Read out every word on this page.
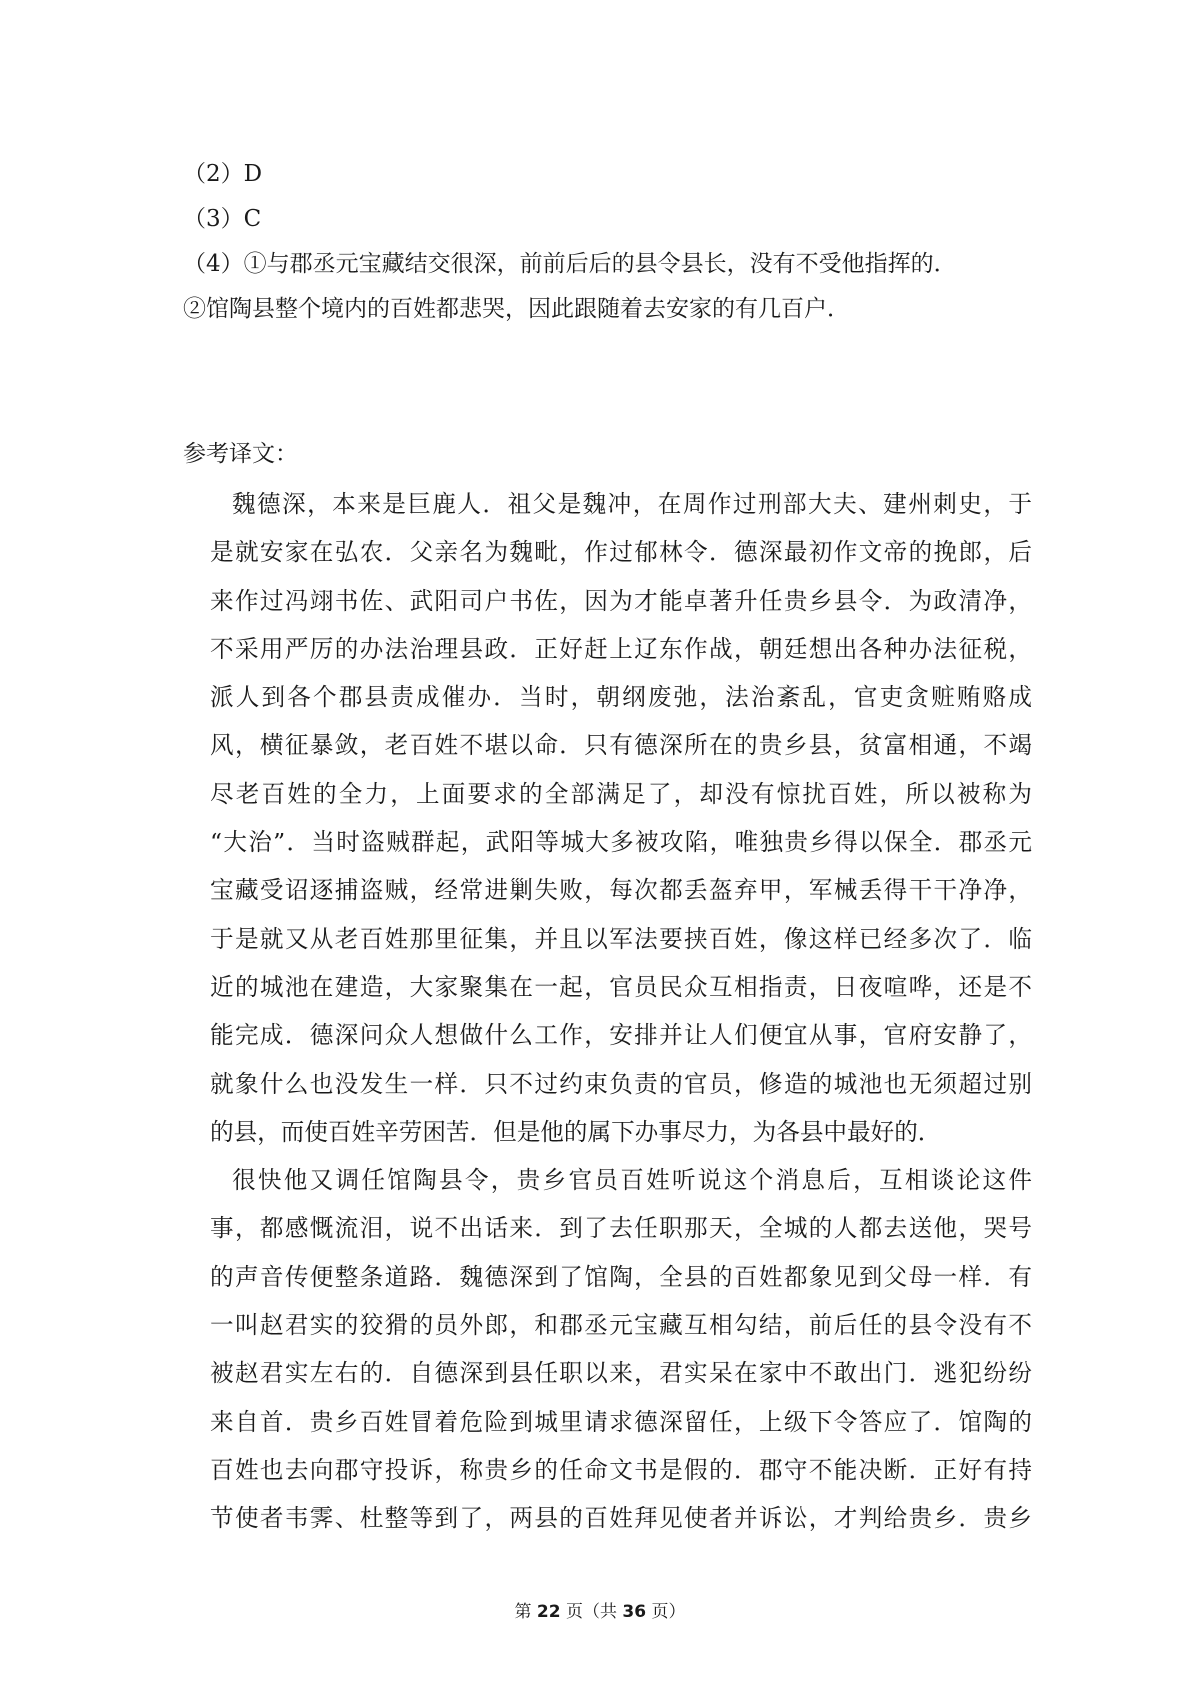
（2）D
（3）C
（4）①与郡丞元宝藏结交很深，前前后后的县令县长，没有不受他指挥的．
②馆陶县整个境内的百姓都悲哭，因此跟随着去安家的有几百户．
参考译文：
魏德深，本来是巨鹿人．祖父是魏冲，在周作过刑部大夫、建州刺史，于
是就安家在弘农．父亲名为魏毗，作过郁林令．德深最初作文帝的挽郎，后
来作过冯翊书佐、武阳司户书佐，因为才能卓著升任贵乡县令．为政清净，
不采用严厉的办法治理县政．正好赶上辽东作战，朝廷想出各种办法征税，
派人到各个郡县责成催办．当时，朝纲废弛，法治紊乱，官吏贪赃贿赂成
风，横征暴敛，老百姓不堪以命．只有德深所在的贵乡县，贫富相通，不竭
尽老百姓的全力，上面要求的全部满足了，却没有惊扰百姓，所以被称为
“大治”．当时盗贼群起，武阳等城大多被攻陷，唯独贵乡得以保全．郡丞元
宝藏受诏逐捕盗贼，经常进剿失败，每次都丢盔弃甲，军械丢得干干净净，
于是就又从老百姓那里征集，并且以军法要挟百姓，像这样已经多次了．临
近的城池在建造，大家聚集在一起，官员民众互相指责，日夜喧哗，还是不
能完成．德深问众人想做什么工作，安排并让人们便宜从事，官府安静了，
就象什么也没发生一样．只不过约束负责的官员，修造的城池也无须超过别
的县，而使百姓辛劳困苦．但是他的属下办事尽力，为各县中最好的．
很快他又调任馆陶县令，贵乡官员百姓听说这个消息后，互相谈论这件
事，都感慨流泪，说不出话来．到了去任职那天，全城的人都去送他，哭号
的声音传便整条道路．魏德深到了馆陶，全县的百姓都象见到父母一样．有
一叫赵君实的狡猾的员外郎，和郡丞元宝藏互相勾结，前后任的县令没有不
被赵君实左右的．自德深到县任职以来，君实呆在家中不敢出门．逃犯纷纷
来自首．贵乡百姓冒着危险到城里请求德深留任，上级下令答应了．馆陶的
百姓也去向郡守投诉，称贵乡的任命文书是假的．郡守不能决断．正好有持
节使者韦霁、杜整等到了，两县的百姓拜见使者并诉讼，才判给贵乡．贵乡
第 22 页（共 36 页）
